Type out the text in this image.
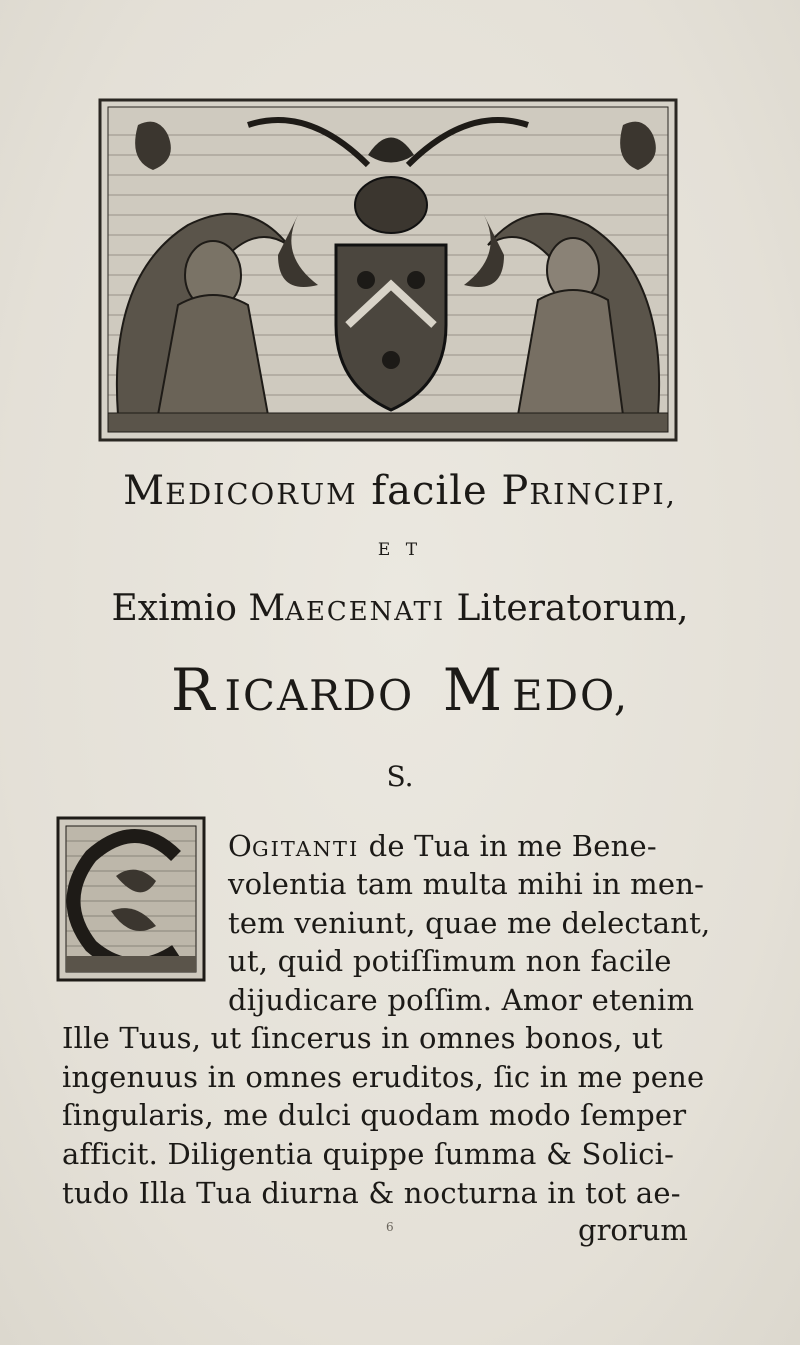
MEDICORUM facile PRINCIPI,
E T
Eximio MAECENATI Literatorum,
RICARDO MEDO,
S.
OGITANTI de Tua in me Bene-
volentia tam multa mihi in men-
tem veniunt, quae me delectant,
ut, quid potiſſimum non facile
dijudicare poſſim. Amor etenim
Ille Tuus, ut ſincerus in omnes bonos, ut
ingenuus in omnes eruditos, ſic in me pene
ſingularis, me dulci quodam modo ſemper
afficit. Diligentia quippe ſumma & Solici-
tudo Illa Tua diurna & nocturna in tot ae-
6	grorum
